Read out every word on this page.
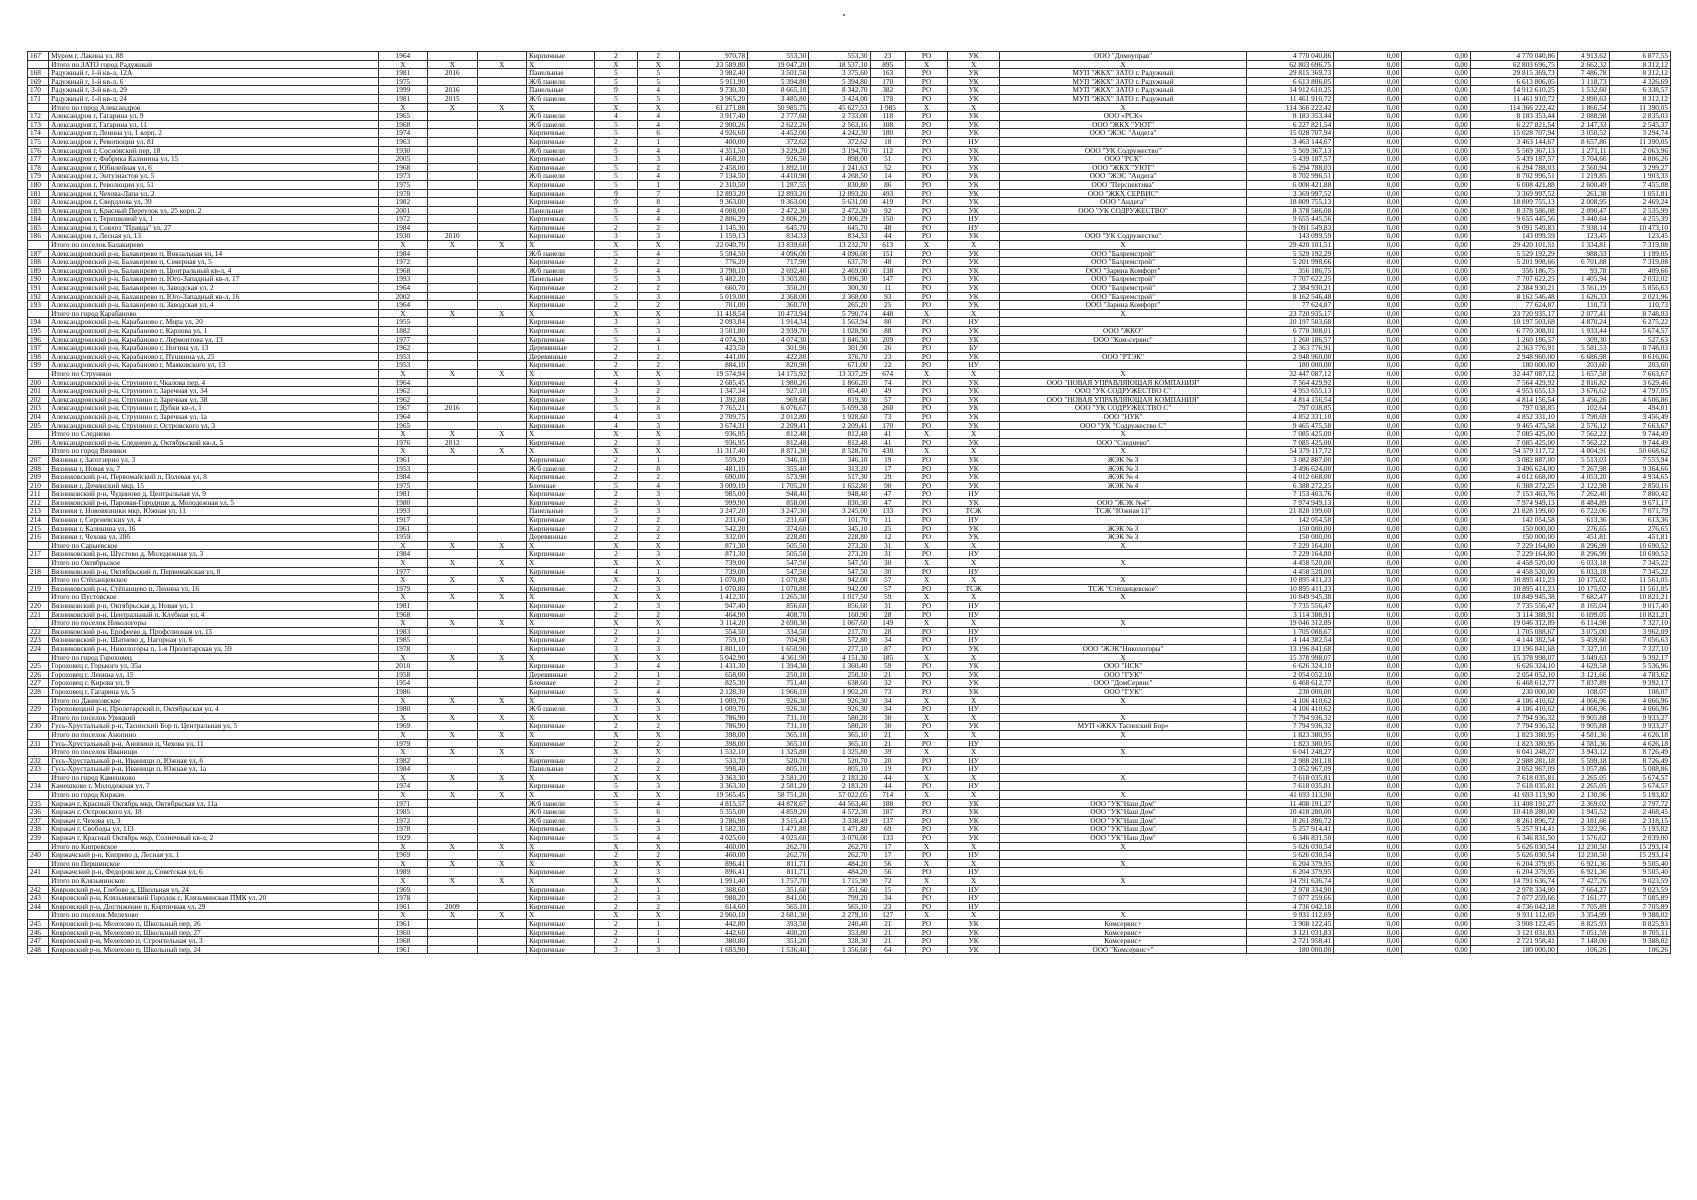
167	Муром г, Лакина ул. 88	1964			Кирпичные	2	2	970,78	553,30	553,30	23	РО	УК	ООО "Домоуправ"	4 770 040,86	0,00	0,00	4 770 040,86	4 913,62	6 877,55
	Итого по ЗАТО город Радужный	X	X	X	X	X	X	23 589,80	19 047,20	18 537,10	895	X	X	X	62 803 696,75	0,00	0,00	62 803 696,75	2 662,32	8 312,12
168	Радужный г, 1-й кв-л, 12А	1981	2016		Панельные	5	5	3 982,40	3 501,50	3 375,60	163	РО	УК	МУП "ЖКХ" ЗАТО г. Радужный	29 815 369,73	0,00	0,00	29 815 369,73	7 486,78	8 312,12
169	Радужный г, 1-й кв-л, 6	1975			Ж/б панели	5	5	5 911,90	5 394,80	5 394,80	170	РО	УК	МУП "ЖКХ" ЗАТО г. Радужный	6 613 806,05	0,00	0,00	6 613 806,05	1 118,73	4 326,69
170	Радужный г, 3-й кв-л, 29	1999	2016		Панельные	9	4	9 730,30	8 665,10	8 342,70	382	РО	УК	МУП "ЖКХ" ЗАТО г. Радужный	14 912 610,25	0,00	0,00	14 912 610,25	1 532,60	6 338,57
171	Радужный г, 1-й кв-л, 24	1981	2015		Ж/б панели	5	5	3 965,20	3 485,80	3 424,00	178	РО	УК	МУП "ЖКХ" ЗАТО г. Радужный	11 461 910,72	0,00	0,00	11 461 910,72	2 890,63	8 312,12
	Итого по город Александров	X	X	X	X	X	X	61 271,88	50 985,75	45 627,53	1 985	X	X	X	114 366 222,42	0,00	0,00	114 366 222,42	1 866,54	11 390,05
172	Александров г, Гагарина ул, 9	1965			Ж/б панели	4	4	3 917,40	2 777,60	2 733,00	118	РО	УК	ООО «РСК»	8 183 353,44	0,00	0,00	8 183 353,44	2 088,98	2 835,03
173	Александров г, Гагарина ул, 11	1968			Ж/б панели	5	4	2 900,26	2 622,26	2 563,16	108	РО	УК	ООО "ЖКХ "УЮТ"	6 227 821,54	0,00	0,00	6 227 821,54	2 147,33	2 545,37
174	Александров г, Ленина ул, 1 корп. 2	1974			Кирпичные	5	6	4 926,60	4 452,00	4 242,30	180	РО	УК	ООО "ЖЭС "Андега"	15 028 707,94	0,00	0,00	15 028 707,94	3 050,52	3 294,74
175	Александров г, Ревопюции ул, 81	1963			Кирпичные	2	1	400,00	372,62	372,62	18	РО	НУ		3 463 144,67	0,00	0,00	3 463 144,67	8 657,86	11 390,05
176	Александров г, Сосновский пер, 18	1930			Ж/б панели	5	4	4 351,50	3 229,20	3 194,70	112	РО	УК	ООО "УК Содружество"	5 569 367,13	0,00	0,00	5 569 367,13	1 271,11	2 063,96
177	Александров г, Фабрика Калинина ул, 15	2005			Кирпичные	3	3	1 468,20	926,50	898,00	51	РО	УК	ООО "РСК"	5 439 187,57	0,00	0,00	5 439 187,57	3 704,66	4 806,26
178	Александров г, Юбилейная ул, 6	1968			Кирпичные	5	2	2 458,00	1 892,10	1 241,63	52	РО	УК	ООО "ЖКХ "УЮТ"	6 294 788,03	0,00	0,00	6 294 788,03	2 560,94	3 299,27
179	Александров г, Энтузиастов ул, 5	1973			Ж/б панели	5	4	7 134,50	4 410,90	4 268,50	14	РО	УК	ООО "ЖЭС "Андега"	8 702 996,51	0,00	0,00	8 702 996,51	1 219,85	1 903,33
180	Александров г, Революции ул, 51	1975			Кирпичные	5	1	2 310,50	1 287,55	830,80	86	РО	УК	ООО "Перспектива"	6 008 421,88	0,00	0,00	6 008 421,88	2 600,49	7 455,08
181	Александров г, Чехова-Лапа ул, 2	1978			Кирпичные	9	7	12 893,20	12 893,20	12 893,20	493	РО	УК	ООО "ЖКХ СЕРВИС"	3 369 997,52	0,00	0,00	3 369 997,52	261,38	1 051,81
182	Александров г, Свердлова ул, 39	1982			Кирпичные	9	8	9 363,00	9 363,00	5 631,00	419	РО	УК	ООО "Андега"	18 809 755,13	0,00	0,00	18 809 755,13	2 008,95	2 469,24
183	Александров г, Красный Переулок ул, 25 корп. 2	2001			Панельные	5	4	4 008,00	2 472,30	2 472,30	92	РО	УК	ООО "УК СОДРУЖЕСТВО"	8 378 586,08	0,00	0,00	8 378 586,08	2 090,47	2 535,99
184	Александров г, Терешковой ул, 1	1972			Кирпичные	5	4	2 806,29	2 806,29	2 806,29	150	РО	НУ		9 655 445,56	0,00	0,00	9 655 445,56	3 440,64	4 255,39
185	Александров г, Совхоз "Правда" ул, 27	1984			Кирпичные	2	2	1 145,30	645,70	645,70	48	РО	НУ		9 091 549,83	0,00	0,00	9 091 549,83	7 938,14	10 473,10
186	Александров г, Лесная ул, 13	1930	2010		Кирпичные	3	3	1 159,13	834,33	834,33	44	РО	УК	ООО "УК Содружество"	143 099,59	0,00	0,00	143 099,59	123,45	123,45
	Итого по поселок Балакирево	X	X	X	X	X	X	22 040,70	13 839,60	13 232,70	613	X	X	X	29 420 101,51	0,00	0,00	29 420 101,51	1 334,81	7 319,08
187	Александровский р-н, Балакирево п, Вокзальная ул, 14	1984			Ж/б панели	5	4	5 594,50	4 096,00	4 096,00	151	РО	УК	ООО "Балремстрой"	5 529 192,29	0,00	0,00	5 529 192,29	988,33	1 199,05
188	Александровский р-н, Балакирево п, Северная ул, 5	1972			Кирпичные	2	2	776,20	717,90	637,70	48	РО	УК	ООО "Балремстрой"	5 201 998,66	0,00	0,00	5 201 998,66	6 701,88	7 319,08
189	Александровский р-н, Балакирево п, Центральный кв-л, 4	1968			Ж/б панели	5	4	3 798,10	2 692,40	2 469,00	138	РО	УК	ООО "Зарина Комфорт"	356 186,75	0,00	0,00	356 186,75	93,78	409,66
190	Александровский р-н, Балакирево п, Юго-Западный кв-л, 17	1993			Панельные	5	3	5 482,20	3 303,80	3 096,30	147	РО	УК	ООО "Балремстрой"	7 707 622,25	0,00	0,00	7 707 622,25	1 405,94	2 032,02
191	Александровский р-н, Балакирево п, Заводская ул, 2	1964			Кирпичные	2	2	660,70	350,20	300,30	11	РО	УК	ООО "Балремстрой"	2 384 930,21	0,00	0,00	2 384 930,21	3 561,19	5 856,63
192	Александровский р-н, Балакирево п, Юго-Западный кв-л, 16	2002			Кирпичные	5	3	5 019,00	2 368,00	2 368,00	93	РО	УК	ООО "Балремстрой"	8 162 546,48	0,00	0,00	8 162 546,48	1 626,33	2 021,96
193	Александровский р-н, Балакирево п, Заводская ул, 4	1964			Кирпичные	2	2	701,00	360,70	265,20	25	РО	УК	ООО "Зарина Комфорт"	77 624,87	0,00	0,00	77 624,87	110,73	110,73
	Итого по город Карабаново	X	X	X	X	X	X	11 418,54	10 473,94	5 790,74	448	X	X	X	23 720 935,17	0,00	0,00	23 720 935,17	2 077,41	8 748,03
194	Александровский р-н, Карабаново г, Мира ул, 20	1955			Кирпичные	3	3	2 093,84	1 914,34	1 563,94	80	РО	НУ		10 197 503,68	0,00	0,00	10 197 503,68	4 870,24	6 275,22
195	Александровский р-н, Карабаново г, Карлова ул, 1	1882			Кирпичные	5	3	3 501,80	2 939,70	1 028,90	88	РО	УК	ООО "ЖКО"	6 770 308,01	0,00	0,00	6 770 308,01	1 933,44	5 674,57
196	Александровский р-н, Карабаново г, Лермонтова ул, 13	1977			Кирпичные	5	4	4 074,30	4 074,30	1 846,30	209	РО	УК	ООО "Ком-сервис"	1 260 186,57	0,00	0,00	1 260 186,57	309,30	527,63
197	Александровский р-н, Карабаново г, Ногина ул, 13	1962			Деревянные	2	1	423,50	301,90	301,90	26	РО	БУ		2 363 776,91	0,00	0,00	2 363 776,91	5 581,53	8 748,03
198	Александровский р-н, Карабаново г, Пушкина ул, 25	1953			Деревянные	2	2	441,00	422,80	376,70	23	РО	УК	ООО "РТЭК"	2 948 960,00	0,00	0,00	2 948 960,00	6 686,98	8 616,06
199	Александровский р-н, Карабаново г, Маяковского ул, 13	1953			Кирпичные	2	2	884,10	820,90	671,00	22	РО	НУ		180 000,00	0,00	0,00	180 000,00	203,60	203,60
	Итого по Струнино	X	X	X	X	X	X	19 574,94	14 175,92	13 337,29	674	X	X	X	32 447 087,12	0,00	0,00	32 447 087,12	1 657,58	7 663,67
200	Александровский р-н, Струнино г, Чкалова пер, 4	1964			Кирпичные	4	3	2 685,45	1 980,26	1 866,20	74	РО	УК	ООО "НОВАЯ УПРАВЛЯЮЩАЯ КОМПАНИЯ"	7 564 429,92	0,00	0,00	7 564 429,92	2 816,82	3 629,46
201	Александровский р-н, Струнино г, Заречная ул, 34	1962			Кирпичные	3	2	1 347,34	927,10	854,40	49	РО	УК	ООО "УК СОДРУЖЕСТВО С"	4 953 655,13	0,00	0,00	4 953 655,13	3 676,62	4 797,05
202	Александровский р-н, Струнино г, Заречная ул, 38	1962			Кирпичные	3	2	1 392,88	969,68	819,30	57	РО	УК	ООО "НОВАЯ УПРАВЛЯЮЩАЯ КОМПАНИЯ"	4 814 156,54	0,00	0,00	4 814 156,54	3 456,26	4 506,86
203	Александровский р-н, Струнино г, Дубки кв-л, 1	1967	2016		Кирпичные	5	8	7 765,21	6 076,67	5 699,38	260	РО	УК	ООО "УК СОДРУЖЕСТВО С"	797 038,85	0,00	0,00	797 038,85	102,64	494,01
204	Александровский р-н, Струнино г, Заречная ул, 1а	1964			Кирпичные	4	3	2 709,75	2 012,80	1 928,60	73	РО	УК	ООО "НУК"	4 852 331,10	0,00	0,00	4 852 331,10	1 790,69	3 456,49
205	Александровский р-н, Струнино г, Островского ул, 3	1965			Кирпичные	4	3	3 674,31	2 209,41	2 209,41	170	РО	УК	ООО "УК "Содружество С"	9 465 475,58	0,00	0,00	9 465 475,58	2 576,12	7 663,67
	Итого по Следнево	X	X	X	X	X	X	936,95	812,48	812,48	41	X	X	X	7 085 425,00	0,00	0,00	7 085 425,00	7 562,22	9 744,49
206	Александровский р-н, Следнево д, Октябрьский кв-л, 5	1976	2012		Кирпичные	2	3	936,95	812,48	812,48	41	РО	УК	ООО "Следнево"	7 085 425,00	0,00	0,00	7 085 425,00	7 562,22	9 744,49
	Итого по город Вязники	X	X	X	X	X	X	11 317,40	8 871,30	8 528,70	430	X	X	X	54 379 117,72	0,00	0,00	54 379 117,72	4 804,91	50 668,62
207	Вязники г, Заготзерно ул, 3	1961			Кирпичные	2	1	559,20	346,10	346,10	19	РО	УК	ЖЭК № 3	3 082 887,00	0,00	0,00	3 082 887,00	5 513,03	7 553,94
208	Вязники г, Новая ул, 7	1953			Ж/б панели	2	8	481,10	355,40	313,20	17	РО	УК	ЖЭК № 3	3 496 624,00	0,00	0,00	3 496 624,00	7 267,98	9 364,66
209	Вязниковский р-н, Первомайский п, Полевая ул, 8	1984			Кирпичные	2	2	690,00	573,90	517,30	29	РО	УК	ЖЭК № 4	4 012 668,00	0,00	0,00	4 012 668,00	4 053,20	4 934,65
210	Вязники г, Дечинский мкр, 15	1975			Блочные	5	4	3 009,10	1 705,20	1 652,80	90	РО	УК	ЖЭК № 4	6 388 272,25	0,00	0,00	6 388 272,25	2 122,98	2 850,16
211	Вязниковский р-н, Чудиново д, Центральная ул, 9	1981			Кирпичные	2	3	985,00	948,40	948,40	47	РО	НУ		7 153 463,76	0,00	0,00	7 153 463,76	7 262,40	7 880,42
212	Вязниковский р-н, Паровая-Городище д, Молодежная ул, 5	1980			Кирпичные	2	3	999,90	858,00	830,30	47	РО	УК	ООО "ЖЭК №4"	7 974 949,13	0,00	0,00	7 974 949,13	8 484,89	9 671,17
213	Вязники г, Нововязники мкр, Южная ул, 11	1993			Панельные	5	3	3 247,20	3 247,30	3 245,00	133	РО	ТСЖ	ТСЖ "Южная 11"	21 828 199,60	0,00	0,00	21 828 199,60	6 722,06	7 071,79
214	Вязники г, Сергиевских ул, 4	1917			Кирпичные	2	2	231,60	231,60	101,70	11	РО	НУ		142 054,58	0,00	0,00	142 054,58	613,36	613,36
215	Вязники г, Калинина ул, 16	1961			Кирпичные	2	2	542,20	374,60	345,10	25	РО	УК	ЖЭК № 3	150 000,00	0,00	0,00	150 000,00	276,65	276,65
216	Вязники г, Чехова ул, 28б	1959			Деревянные	2	2	332,00	228,80	228,80	12	РО	УК	ЖЭК № 3	150 000,00	0,00	0,00	150 000,00	451,81	451,81
	Итого по Сарыевское	X	X	X	X	X	X	871,30	505,50	273,20	31	X	X	X	7 229 164,80	0,00	0,00	7 229 164,80	8 296,99	10 690,52
217	Вязниковский р-н, Шустово д, Молодежная ул, 3	1984			Кирпичные	2	3	871,30	505,50	273,20	31	РО	НУ		7 229 164,80	0,00	0,00	7 229 164,80	8 296,99	10 690,52
	Итого по Октябрьское	X	X	X	X	X	X	739,00	547,50	547,50	30	X	X	X	4 458 520,00	0,00	0,00	4 458 520,00	6 033,18	7 345,22
218	Вязниковский р-н, Октябрьский п, Первомайская ул, 8	1977			Кирпичные	4	1	739,00	547,50	547,50	30	РО	НУ		4 458 520,00	0,00	0,00	4 458 520,00	6 033,18	7 345,22
	Итого по Стёпанцевское	X	X	X	X	X	X	1 070,80	1 070,80	942,00	57	X	X	X	10 895 411,23	0,00	0,00	10 895 411,23	10 175,02	11 561,05
219	Вязниковский р-н, Стёпанцево п, Ленина ул, 16	1979			Кирпичные	2	3	1 070,80	1 070,80	942,00	57	РО	ТСЖ	ТСЖ "Стёпанцевское"	10 895 411,23	0,00	0,00	10 895 411,23	10 175,02	11 561,05
	Итого по Пустовское	X	X	X	X	X	X	1 412,30	1 265,30	1 017,50	59	X	X	X	10 849 945,38	0,00	0,00	10 849 945,38	7 682,47	10 821,21
220	Вязниковский р-н, Октябрьская д, Новая ул, 1	1981			Кирпичные	2	3	947,40	856,60	856,60	31	РО	НУ		7 735 556,47	0,00	0,00	7 735 556,47	8 165,04	9 017,40
221	Вязниковский р-н, Центральный п, Клубная ул, 4	1968			Кирпичные	2	2	464,90	408,70	160,90	28	РО	НУ		3 114 388,91	0,00	0,00	3 114 388,91	6 699,05	10 821,21
	Итого по поселок Никологоры	X	X	X	X	X	X	3 114,20	2 690,30	1 067,60	149	X	X	X	19 046 312,89	0,00	0,00	19 046 312,89	6 114,98	7 327,10
222	Вязниковский р-н, Ерофеево д, Профсоюзная ул, 15	1983			Кирпичные	2	1	554,50	334,50	217,70	28	РО	НУ		1 705 088,67	0,00	0,00	1 705 088,67	3 075,00	3 962,09
223	Вязниковский р-н, Шатнево д, Нагорная ул, 6	1985			Кирпичные	2	2	759,10	704,90	572,80	34	РО	НУ		4 144 382,54	0,00	0,00	4 144 382,54	5 459,60	7 056,63
224	Вязниковский р-н, Никологоры п, 1-я Пролетарская ул, 59	1978			Кирпичные	3	3	1 801,10	1 650,90	277,10	87	РО	УК	ООО "ЖЭК"Никологоры"	13 196 841,68	0,00	0,00	13 196 841,68	7 327,10	7 327,10
	Итого по город Гороховец	X	X	X	X	X	X	5 042,90	4 361,90	4 151,30	185	X	X	X	15 378 998,07	0,00	0,00	15 378 998,07	3 049,63	9 392,17
225	Гороховец г, Горького ул, 35а	2010			Кирпичные	3	4	1 431,30	1 394,30	1 360,40	59	РО	УК	ООО "НСК"	6 626 324,10	0,00	0,00	6 626 324,10	4 629,58	5 536,96
226	Гороховец г, Ленина ул, 15	1958			Деревянные	2	1	658,00	250,10	250,10	21	РО	УК	ООО "ГУК"	2 054 052,10	0,00	0,00	2 054 052,10	3 121,66	4 783,62
227	Гороховец г, Кирова ул, 9	1954			Блочные	2	2	825,30	751,40	638,60	32	РО	УК	ООО "ДомСервис"	6 468 612,77	0,00	0,00	6 468 612,77	7 837,89	9 392,17
228	Гороховец г, Гагарина ул, 5	1986			Кирпичные	5	4	2 128,30	1 966,10	1 902,20	73	РО	УК	ООО "ГУК"	230 000,00	0,00	0,00	230 000,00	108,07	108,07
	Итого по Данисовское	X	X	X	X	X	X	1 009,70	926,30	926,30	34	X	X	X	4 106 410,62	0,00	0,00	4 106 410,62	4 066,96	4 066,96
229	Гороховецкий р-н, Пролетарский п, Октябрьская ул, 4	1980			Ж/б панели	3	3	1 009,70	926,30	926,30	34	РО	НУ		4 106 410,62	0,00	0,00	4 106 410,62	4 066,96	4 066,96
	Итого по поселок Урицкий	X	X	X	X	X	X	786,90	731,10	580,20	30	X	X	X	7 794 936,32	0,00	0,00	7 794 936,32	9 905,88	9 933,27
230	Гусь-Хрустальный р-н, Тасинский Бор п, Центральная ул, 5	1969			Кирпичные	2	2	786,90	731,10	580,20	30	РО	УК	МУП «ЖКХ Тасинский Бор»	7 794 936,32	0,00	0,00	7 794 936,32	9 905,88	9 933,27
	Итого по поселок Анопино	X	X	X	X	X	X	398,00	365,10	365,10	21	X	X	X	1 823 380,95	0,00	0,00	1 823 380,95	4 581,36	4 626,18
231	Гусь-Хрустальный р-н, Анопино п, Чехова ул, 11	1979			Кирпичные	2	2	398,00	365,10	365,10	21	РО	НУ		1 823 380,95	0,00	0,00	1 823 380,95	4 581,36	4 626,18
	Итого по поселок Иванищи	X	X	X	X	X	X	1 532,10	1 325,80	1 325,80	39	X	X	X	6 041 248,27	0,00	0,00	6 041 248,27	3 943,12	8 726,49
232	Гусь-Хрустальный р-н, Иванищи п, Южная ул, 6	1982			Кирпичные	2	2	533,70	520,70	520,70	20	РО	НУ		2 988 281,18	0,00	0,00	2 988 281,18	5 599,18	8 726,49
233	Гусь-Хрустальный р-н, Иванищи п, Южная ул, 1а	1984			Панельные	2	2	998,40	805,10	805,10	19	РО	НУ		3 052 967,09	0,00	0,00	3 052 967,09	3 057,86	5 088,86
	Итого по город Камешково	X	X	X	X	X	X	3 363,30	2 581,20	2 183,20	44	X	X	X	7 618 035,81	0,00	0,00	7 618 035,81	2 265,05	5 674,57
234	Камешково г, Молодежная ул, 7	1974			Кирпичные	5	3	3 363,30	2 581,20	2 183,20	44	РО	НУ		7 618 035,81	0,00	0,00	7 618 035,81	2 265,05	5 674,57
	Итого по город Киржач	X	X	X	X	X	X	19 565,45	58 751,20	57 022,05	714	X	X	X	41 693 113,90	0,00	0,00	41 693 113,90	2 130,96	5 193,82
235	Киржач г, Красный Октябрь мкр, Октябрьская ул, 11а	1971			Ж/б панели	5	4	4 815,57	44 878,67	44 563,46	188	РО	УК	ООО "УК"Наш Дом"	11 408 191,27	0,00	0,00	11 408 191,27	2 369,02	2 797,72
236	Киржач г, Островского ул, 18	1985			Ж/б панели	5	6	5 355,00	4 859,20	4 572,30	187	РО	УК	ООО "УК"Наш Дом"	10 418 280,00	0,00	0,00	10 418 280,00	1 945,52	2 468,45
237	Киржач г, Чехова ул, 3	1972			Ж/б панели	5	4	3 786,98	3 515,43	3 338,49	137	РО	УК	ООО "УК"Наш Дом"	8 261 896,72	0,00	0,00	8 261 896,72	2 181,66	2 318,15
238	Киржач г, Свободы ул, 113	1978			Кирпичные	5	3	1 582,30	1 471,80	1 471,80	69	РО	УК	ООО "УК"Наш Дом"	5 257 914,41	0,00	0,00	5 257 914,41	3 322,96	5 193,82
239	Киржач г, Красный Октябрь мкр, Солнечный кв-л, 2	1929			Кирпичные	5	4	4 025,60	4 025,60	3 076,00	133	РО	УК	ООО "УК"Наш Дом"	6 346 831,50	0,00	0,00	6 346 831,50	1 576,62	2 039,00
	Итого по Кипревское	X	X	X	X	X	X	460,00	262,70	262,70	17	X	X	X	5 626 030,54	0,00	0,00	5 626 030,54	12 230,50	15 293,14
240	Киржачский р-н, Кипрево д, Лесная ул, 1	1969			Кирпичные	2	2	460,00	262,70	262,70	17	РО	НУ		5 626 030,54	0,00	0,00	5 626 030,54	12 230,50	15 293,14
	Итого по Першинское	X	X	X	X	X	X	896,41	811,71	484,20	56	X	X	X	6 204 379,95	0,00	0,00	6 204 379,95	6 921,36	9 505,40
241	Киржачский р-н, Федоровское д, Советская ул, 6	1989			Кирпичные	2	3	896,41	811,71	484,20	56	РО	НУ		6 204 379,95	0,00	0,00	6 204 379,95	6 921,36	9 505,40
	Итого по Клязьминское	X	X	X	X	X	X	1 991,40	1 757,70	1 715,90	72	X	X	X	14 791 636,74	0,00	0,00	14 791 636,74	7 427,76	9 023,59
242	Ковровский р-н, Глебово д, Школьная ул, 24	1969			Кирпичные	2	1	388,60	351,60	351,60	15	РО	НУ		2 978 334,90	0,00	0,00	2 978 334,90	7 664,27	9 023,59
243	Ковровский р-н, Клязьминский Городок с, Клязьминская ПМК ул, 20	1978			Кирпичные	2	3	988,20	841,00	799,20	34	РО	НУ		7 077 259,66	0,00	0,00	7 077 259,66	7 161,77	7 085,89
244	Ковровский р-н, Достижение п, Кирпичная ул, 29	1961	2009		Кирпичные	2	2	614,60	565,10	565,10	23	РО	НУ		4 736 042,18	0,00	0,00	4 736 042,18	7 705,89	7 705,89
	Итого по поселок Мелехово	X	X	X	X	X	X	2 960,10	2 681,30	2 279,10	127	X	X	X	9 931 112,69	0,00	0,00	9 931 112,69	3 354,99	9 388,02
245	Ковровский р-н, Мелехово п, Школьный пер, 26	1961			Кирпичные	2	1	442,80	393,50	240,40	21	РО	УК	Комсервис+	3 908 122,45	0,00	0,00	3 908 122,45	8 825,93	8 825,93
246	Ковровский р-н, Мелехово п, Школьный пер, 27	1960			Кирпичные	2	1	442,60	400,20	353,80	21	РО	УК	Комсервис+	3 121 031,83	0,00	0,00	3 121 031,83	7 051,59	8 705,11
247	Ковровский р-н, Мелехово п, Строительная ул, 3	1968			Кирпичные	2	1	380,80	351,20	328,30	21	РО	УК	Комсервис+	2 721 958,41	0,00	0,00	2 721 958,41	7 148,00	9 388,02
248	Ковровский р-н, Мелехово п, Школьный пер, 24	1961			Кирпичные	3	3	1 693,90	1 536,40	1 356,60	64	РО	УК	ООО "Комсервис+"	180 000,00	0,00	0,00	180 000,00	106,26	106,26
